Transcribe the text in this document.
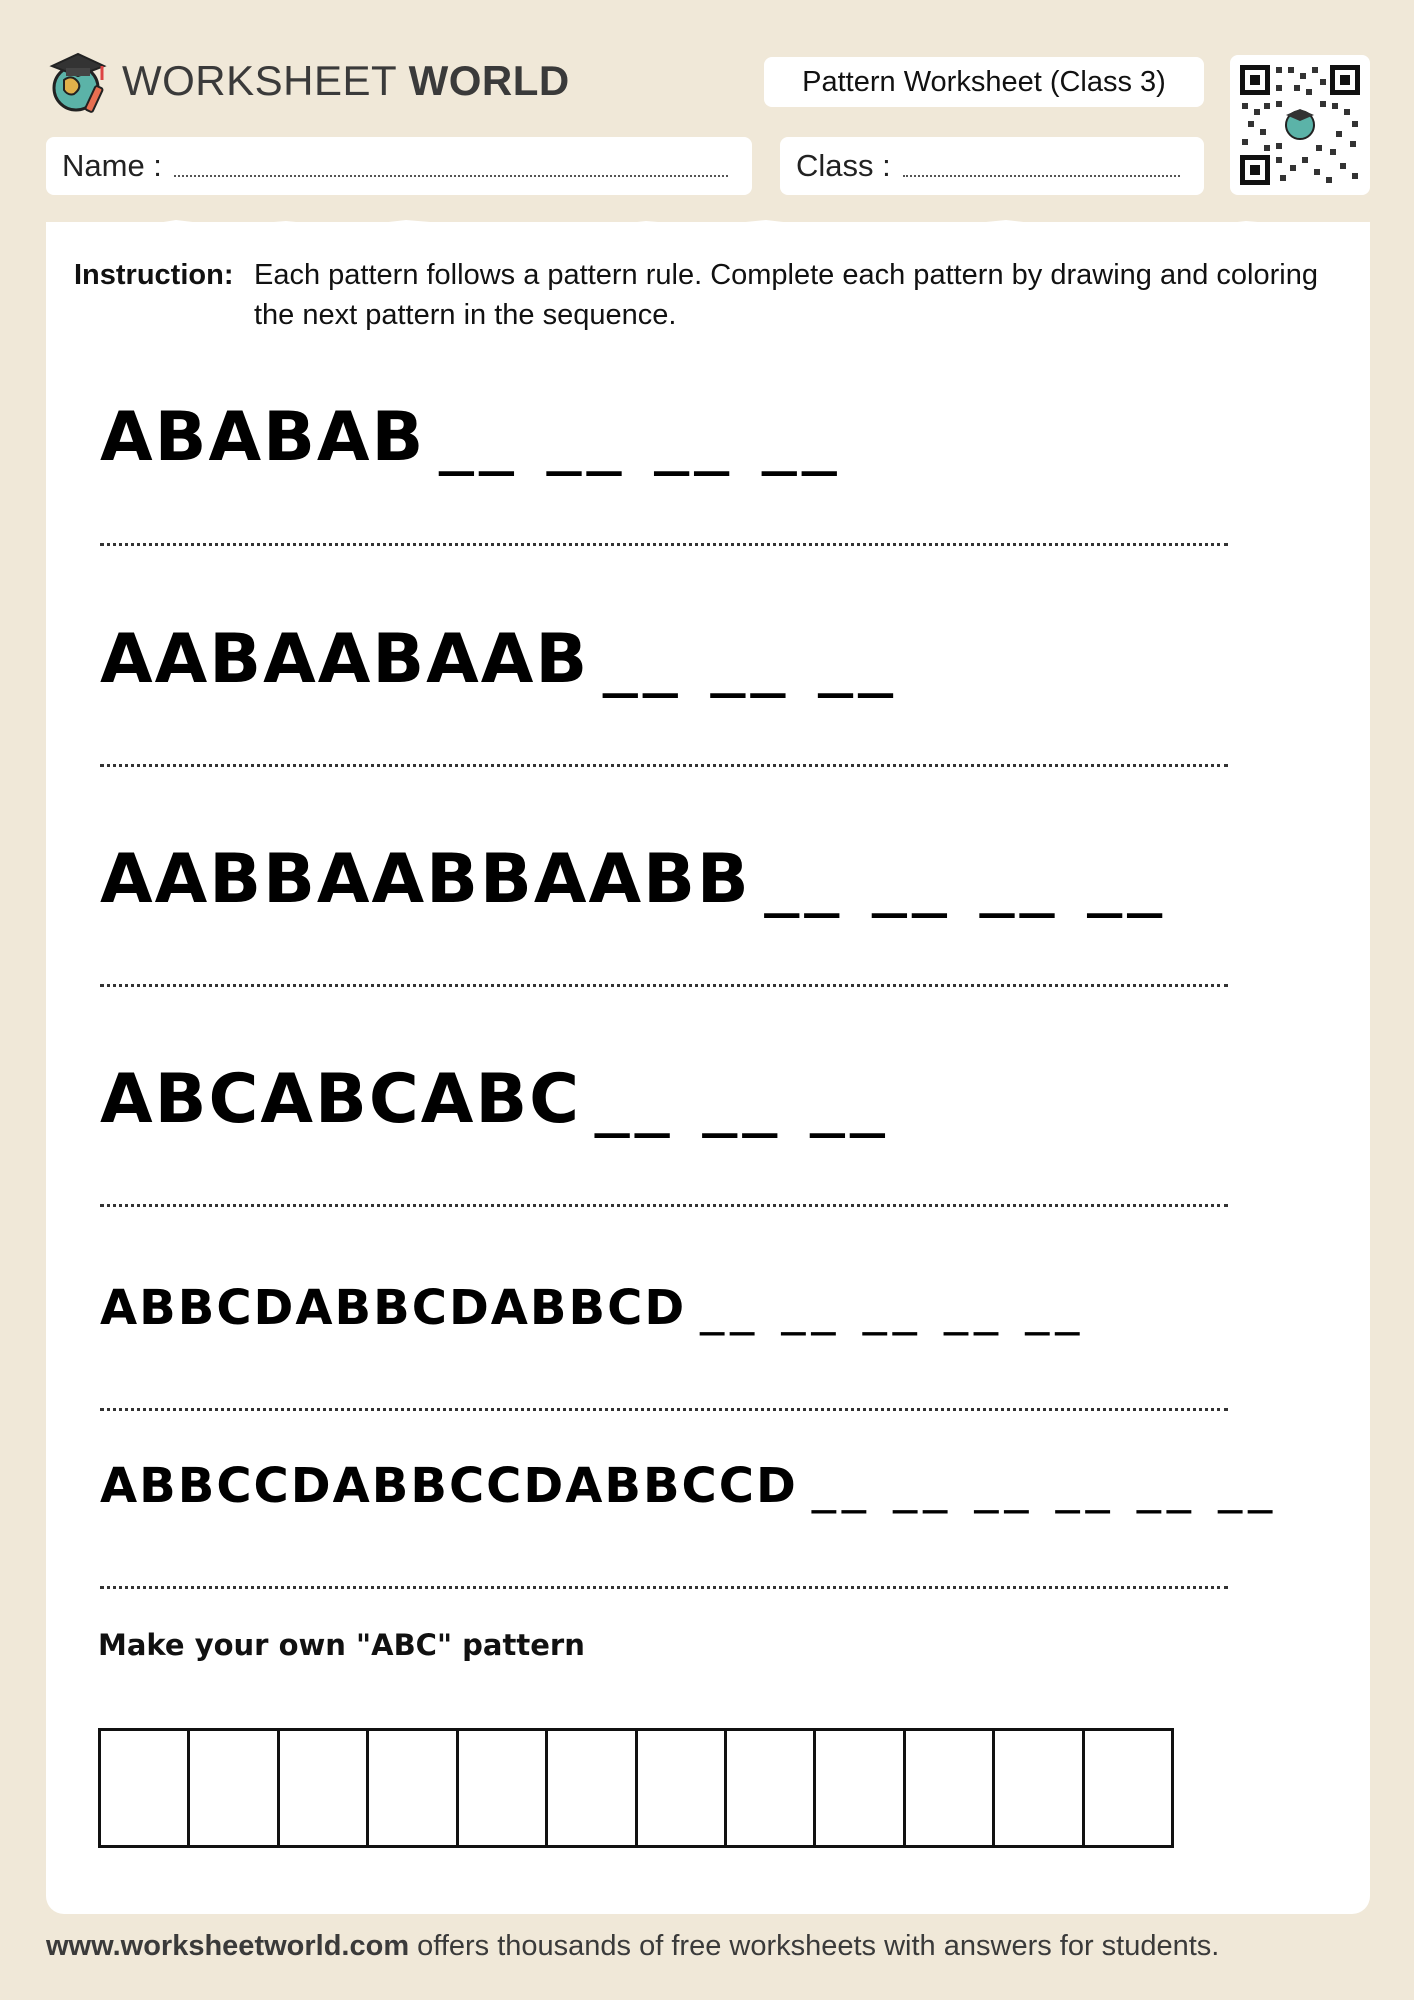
WORKSHEET WORLD	Pattern Worksheet (Class 3)
Name :	Class :
Instruction: Each pattern follows a pattern rule. Complete each pattern by drawing and coloring the next pattern in the sequence.
ABABAB __ __ __ __
AABAABAAB __ __ __
AABBAABBAABB __ __ __ __
ABCABCABC __ __ __
ABBCDABBCDABBCD __ __ __ __ __
ABBCCDABBCCDABBCCD __ __ __ __ __ __
Make your own "ABC" pattern
www.worksheetworld.com offers thousands of free worksheets with answers for students.
